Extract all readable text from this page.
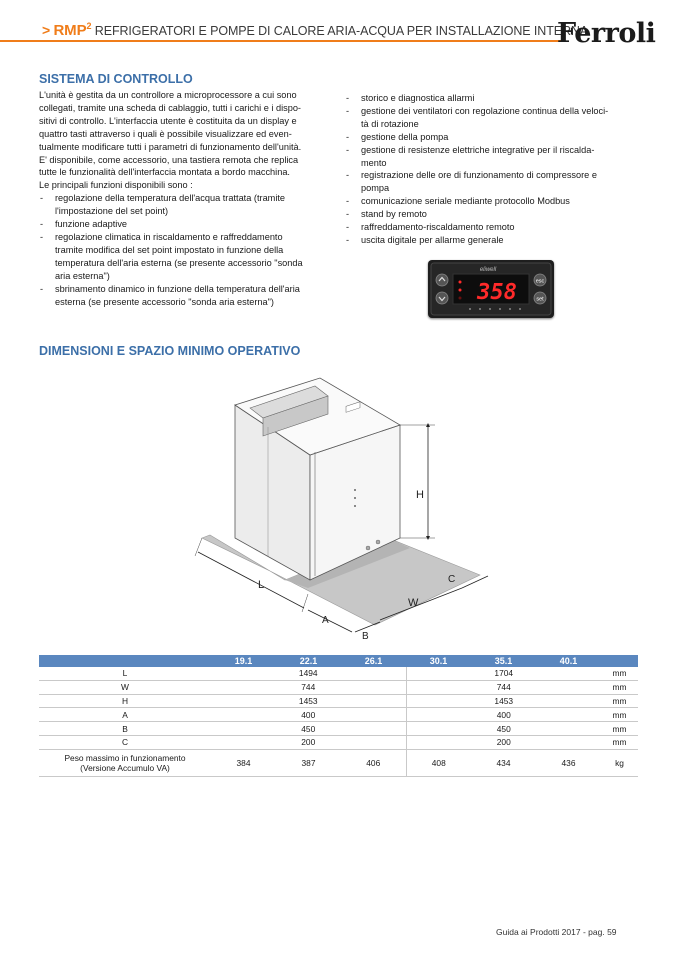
> $RMP^2$ REFRIGERATORI E POMPE DI CALORE ARIA-ACQUA PER INSTALLAZIONE INTERNA
Ferroli
SISTEMA DI CONTROLLO
L'unità è gestita da un controllore a microprocessore a cui sono
collegati, tramite una scheda di cablaggio, tutti i carichi e i dispo-
sitivi di controllo. L'interfaccia utente è costituita da un display e
quattro tasti attraverso i quali è possibile visualizzare ed even-
tualmente modificare tutti i parametri di funzionamento dell'unità.
E' disponibile, come accessorio, una tastiera remota che replica
tutte le funzionalità dell'interfaccia montata a bordo macchina.
Le principali funzioni disponibili sono :
- regolazione della temperatura dell'acqua trattata (tramite
l'impostazione del set point)
- funzione adaptive
- regolazione climatica in riscaldamento e raffreddamento
tramite modifica del set point impostato in funzione della
temperatura dell'aria esterna (se presente accessorio "sonda
aria esterna")
- sbrinamento dinamico in funzione della temperatura dell'aria
esterna (se presente accessorio "sonda aria esterna")
- storico e diagnostica allarmi
- gestione dei ventilatori con regolazione continua della veloci-
tà di rotazione
- gestione della pompa
- gestione di resistenze elettriche integrative per il riscalda-
mento
- registrazione delle ore di funzionamento di compressore e
pompa
- comunicazione seriale mediante protocollo Modbus
- stand by remoto
- raffreddamento-riscaldamento remoto
- uscita digitale per allarme generale
eliwell
358	esc
set
DIMENSIONI E SPAZIO MINIMO OPERATIVO
H
L
A
B
W
C
	19.1	22.1	26.1	30.1	35.1	40.1	
L	1494			1704			mm
W	744			744			mm
H	1453			1453			mm
A	400			400			mm
B	450			450			mm
C	200			200			mm

Peso massimo in funzionamento
(Versione Accumulo VA)	384	387	406	408	434	436	kg
Guida ai Prodotti 2017 - pag. 59
